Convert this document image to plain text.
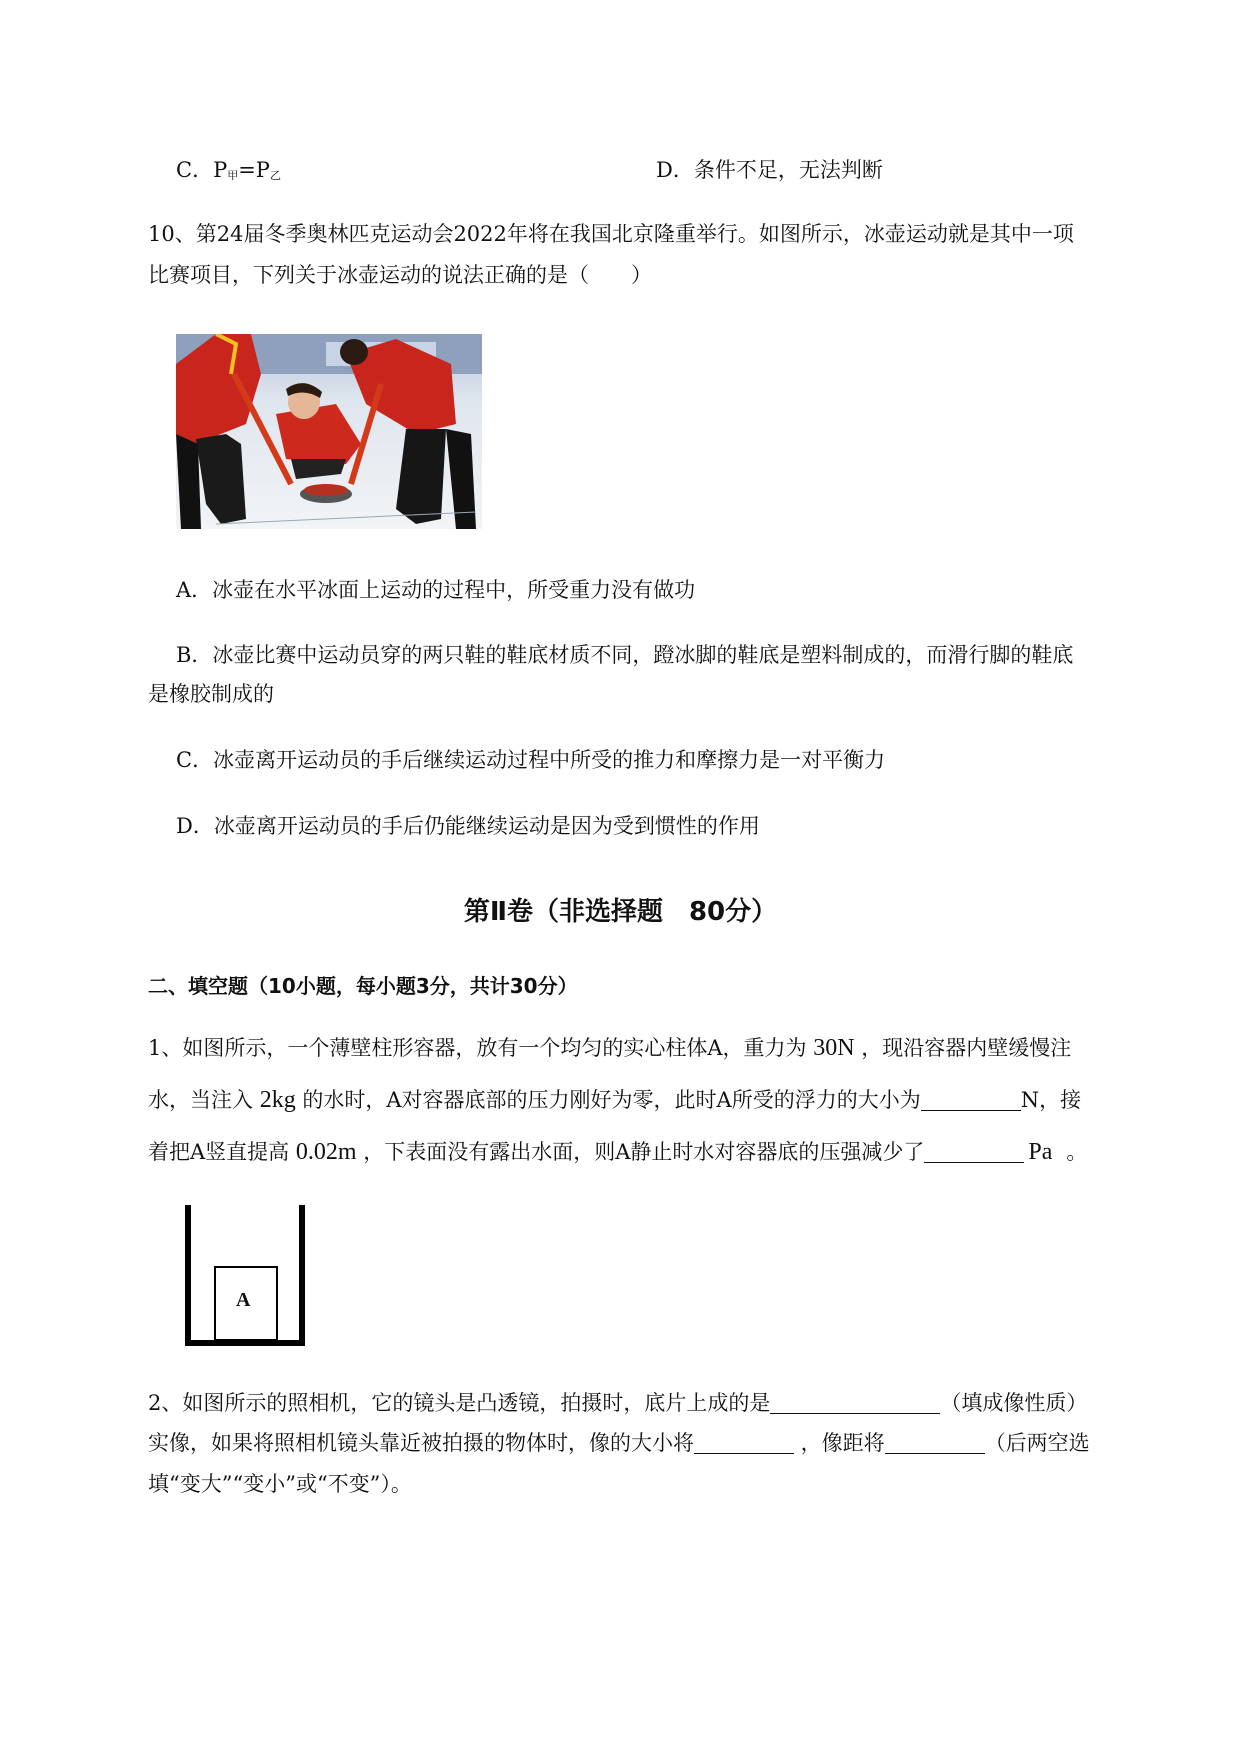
C．P甲=P乙	D．条件不足，无法判断
10、第24届冬季奥林匹克运动会2022年将在我国北京隆重举行。如图所示，冰壶运动就是其中一项
比赛项目，下列关于冰壶运动的说法正确的是（　　）
A．冰壶在水平冰面上运动的过程中，所受重力没有做功
B．冰壶比赛中运动员穿的两只鞋的鞋底材质不同，蹬冰脚的鞋底是塑料制成的，而滑行脚的鞋底
是橡胶制成的
C．冰壶离开运动员的手后继续运动过程中所受的推力和摩擦力是一对平衡力
D．冰壶离开运动员的手后仍能继续运动是因为受到惯性的作用
第Ⅱ卷（非选择题　80分）
二、填空题（10小题，每小题3分，共计30分）
1、如图所示，一个薄壁柱形容器，放有一个均匀的实心柱体A，重力为 30N ，现沿容器内壁缓慢注
水，当注入 2kg 的水时，A对容器底部的压力刚好为零，此时A所受的浮力的大小为	N，接
着把A竖直提高 0.02m ，下表面没有露出水面，则A静止时水对容器底的压强减少了	Pa 。
A
2、如图所示的照相机，它的镜头是凸透镜，拍摄时，底片上成的是	（填成像性质）
实像，如果将照相机镜头靠近被拍摄的物体时，像的大小将	，像距将	（后两空选
填“变大”“变小”或“不变”）。
